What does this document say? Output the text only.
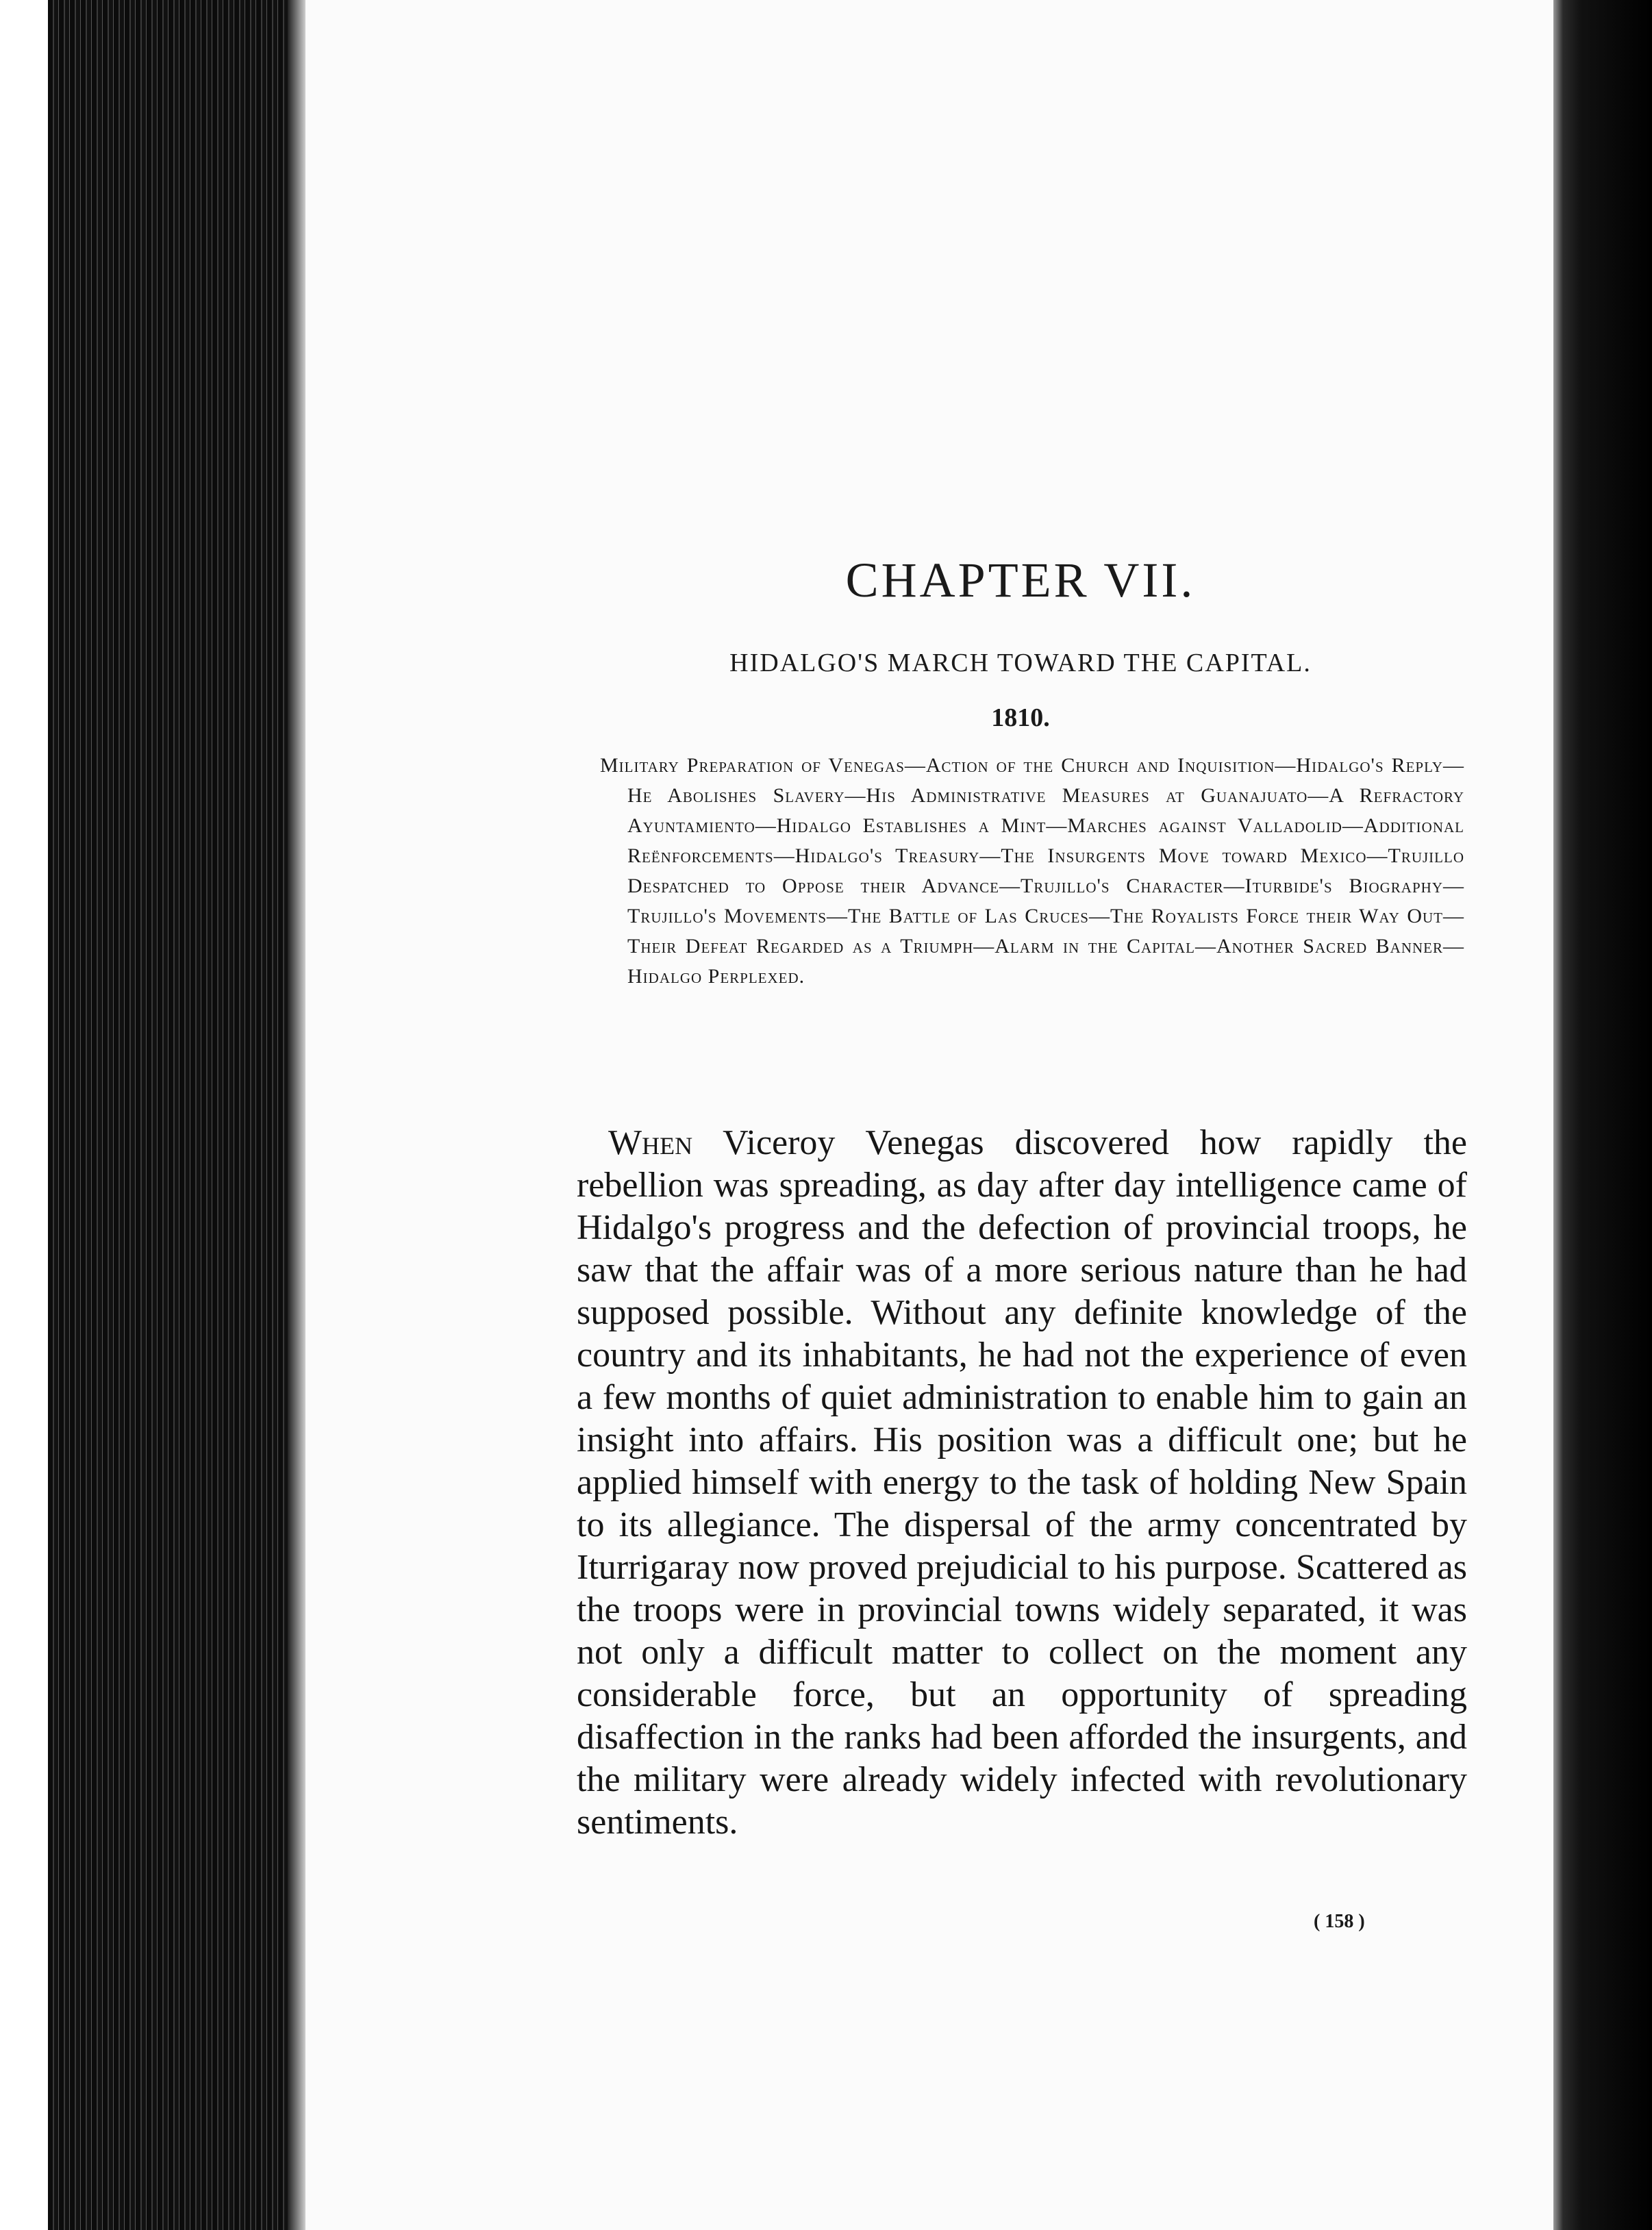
CHAPTER VII.
HIDALGO'S MARCH TOWARD THE CAPITAL.
1810.

Military Preparation of Venegas—Action of the Church and Inquisition—Hidalgo's Reply—He Abolishes Slavery—His Administrative Measures at Guanajuato—A Refractory Ayuntamiento—Hidalgo Establishes a Mint—Marches against Valladolid—Additional Reënforcements—Hidalgo's Treasury—The Insurgents Move toward Mexico—Trujillo Despatched to Oppose their Advance—Trujillo's Character—Iturbide's Biography—Trujillo's Movements—The Battle of Las Cruces—The Royalists Force their Way Out—Their Defeat Regarded as a Triumph—Alarm in the Capital—Another Sacred Banner—Hidalgo Perplexed.

When Viceroy Venegas discovered how rapidly the rebellion was spreading, as day after day intelligence came of Hidalgo's progress and the defection of provincial troops, he saw that the affair was of a more serious nature than he had supposed possible. Without any definite knowledge of the country and its inhabitants, he had not the experience of even a few months of quiet administration to enable him to gain an insight into affairs. His position was a difficult one; but he applied himself with energy to the task of holding New Spain to its allegiance. The dispersal of the army concentrated by Iturrigaray now proved prejudicial to his purpose. Scattered as the troops were in provincial towns widely separated, it was not only a difficult matter to collect on the moment any considerable force, but an opportunity of spreading disaffection in the ranks had been afforded the insurgents, and the military were already widely infected with revolutionary sentiments.

( 158 )
